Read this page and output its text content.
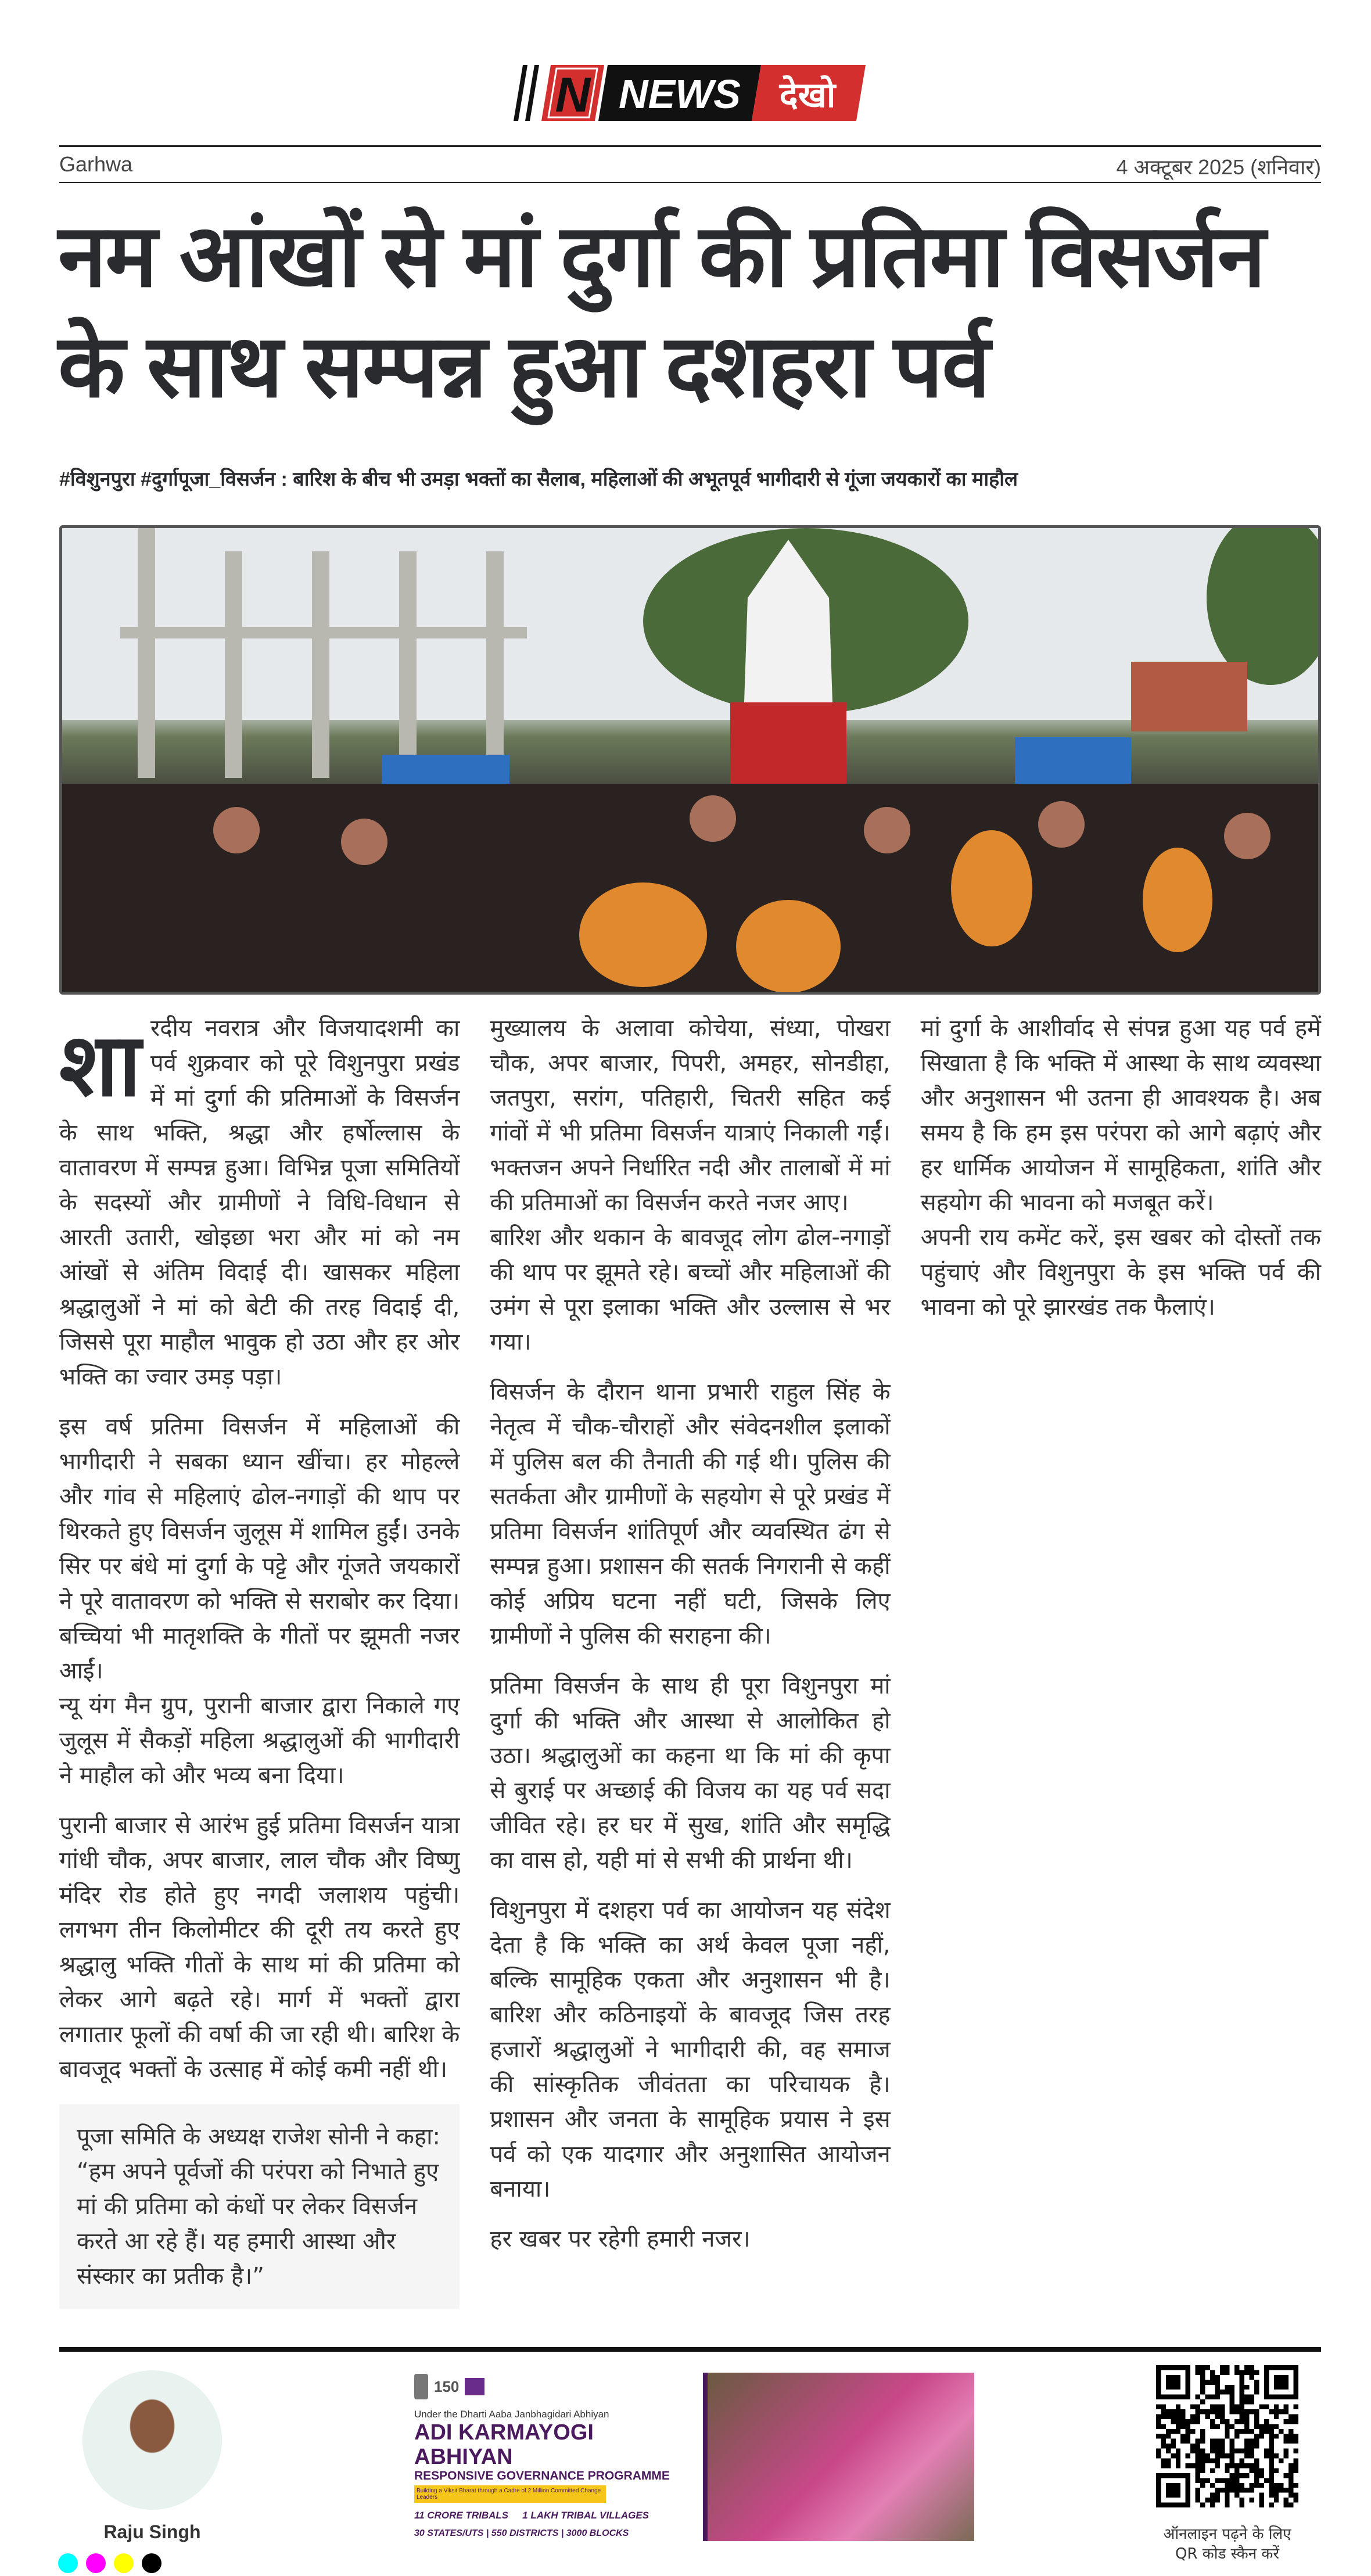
N NEWS देखो
Garhwa	4 अक्टूबर 2025 (शनिवार)
नम आंखों से मां दुर्गा की प्रतिमा विसर्जन के साथ सम्पन्न हुआ दशहरा पर्व
#विशुनपुरा #दुर्गापूजा_विसर्जन : बारिश के बीच भी उमड़ा भक्तों का सैलाब, महिलाओं की अभूतपूर्व भागीदारी से गूंजा जयकारों का माहौल

शारदीय नवरात्र और विजयादशमी का पर्व शुक्रवार को पूरे विशुनपुरा प्रखंड में मां दुर्गा की प्रतिमाओं के विसर्जन के साथ भक्ति, श्रद्धा और हर्षोल्लास के वातावरण में सम्पन्न हुआ। विभिन्न पूजा समितियों के सदस्यों और ग्रामीणों ने विधि-विधान से आरती उतारी, खोइछा भरा और मां को नम आंखों से अंतिम विदाई दी। खासकर महिला श्रद्धालुओं ने मां को बेटी की तरह विदाई दी, जिससे पूरा माहौल भावुक हो उठा और हर ओर भक्ति का ज्वार उमड़ पड़ा।

इस वर्ष प्रतिमा विसर्जन में महिलाओं की भागीदारी ने सबका ध्यान खींचा। हर मोहल्ले और गांव से महिलाएं ढोल-नगाड़ों की थाप पर थिरकते हुए विसर्जन जुलूस में शामिल हुईं। उनके सिर पर बंधे मां दुर्गा के पट्टे और गूंजते जयकारों ने पूरे वातावरण को भक्ति से सराबोर कर दिया। बच्चियां भी मातृशक्ति के गीतों पर झूमती नजर आईं।

न्यू यंग मैन ग्रुप, पुरानी बाजार द्वारा निकाले गए जुलूस में सैकड़ों महिला श्रद्धालुओं की भागीदारी ने माहौल को और भव्य बना दिया।

पुरानी बाजार से आरंभ हुई प्रतिमा विसर्जन यात्रा गांधी चौक, अपर बाजार, लाल चौक और विष्णु मंदिर रोड होते हुए नगदी जलाशय पहुंची। लगभग तीन किलोमीटर की दूरी तय करते हुए श्रद्धालु भक्ति गीतों के साथ मां की प्रतिमा को लेकर आगे बढ़ते रहे। मार्ग में भक्तों द्वारा लगातार फूलों की वर्षा की जा रही थी। बारिश के बावजूद भक्तों के उत्साह में कोई कमी नहीं थी।

पूजा समिति के अध्यक्ष राजेश सोनी ने कहा: “हम अपने पूर्वजों की परंपरा को निभाते हुए मां की प्रतिमा को कंधों पर लेकर विसर्जन करते आ रहे हैं। यह हमारी आस्था और संस्कार का प्रतीक है।”

मुख्यालय के अलावा कोचेया, संध्या, पोखरा चौक, अपर बाजार, पिपरी, अमहर, सोनडीहा, जतपुरा, सरांग, पतिहारी, चितरी सहित कई गांवों में भी प्रतिमा विसर्जन यात्राएं निकाली गईं। भक्तजन अपने निर्धारित नदी और तालाबों में मां की प्रतिमाओं का विसर्जन करते नजर आए।

बारिश और थकान के बावजूद लोग ढोल-नगाड़ों की थाप पर झूमते रहे। बच्चों और महिलाओं की उमंग से पूरा इलाका भक्ति और उल्लास से भर गया।

विसर्जन के दौरान थाना प्रभारी राहुल सिंह के नेतृत्व में चौक-चौराहों और संवेदनशील इलाकों में पुलिस बल की तैनाती की गई थी। पुलिस की सतर्कता और ग्रामीणों के सहयोग से पूरे प्रखंड में प्रतिमा विसर्जन शांतिपूर्ण और व्यवस्थित ढंग से सम्पन्न हुआ। प्रशासन की सतर्क निगरानी से कहीं कोई अप्रिय घटना नहीं घटी, जिसके लिए ग्रामीणों ने पुलिस की सराहना की।

प्रतिमा विसर्जन के साथ ही पूरा विशुनपुरा मां दुर्गा की भक्ति और आस्था से आलोकित हो उठा। श्रद्धालुओं का कहना था कि मां की कृपा से बुराई पर अच्छाई की विजय का यह पर्व सदा जीवित रहे। हर घर में सुख, शांति और समृद्धि का वास हो, यही मां से सभी की प्रार्थना थी।

विशुनपुरा में दशहरा पर्व का आयोजन यह संदेश देता है कि भक्ति का अर्थ केवल पूजा नहीं, बल्कि सामूहिक एकता और अनुशासन भी है। बारिश और कठिनाइयों के बावजूद जिस तरह हजारों श्रद्धालुओं ने भागीदारी की, वह समाज की सांस्कृतिक जीवंतता का परिचायक है। प्रशासन और जनता के सामूहिक प्रयास ने इस पर्व को एक यादगार और अनुशासित आयोजन बनाया।

हर खबर पर रहेगी हमारी नजर।

मां दुर्गा के आशीर्वाद से संपन्न हुआ यह पर्व हमें सिखाता है कि भक्ति में आस्था के साथ व्यवस्था और अनुशासन भी उतना ही आवश्यक है। अब समय है कि हम इस परंपरा को आगे बढ़ाएं और हर धार्मिक आयोजन में सामूहिकता, शांति और सहयोग की भावना को मजबूत करें।

अपनी राय कमेंट करें, इस खबर को दोस्तों तक पहुंचाएं और विशुनपुरा के इस भक्ति पर्व की भावना को पूरे झारखंड तक फैलाएं।

Raju Singh
150
Under the Dharti Aaba Janbhagidari Abhiyan
ADI KARMAYOGI ABHIYAN
RESPONSIVE GOVERNANCE PROGRAMME
Building a Viksit Bharat through a Cadre of 2 Million Committed Change Leaders
11 CRORE TRIBALS 1 LAKH TRIBAL VILLAGES
30 STATES/UTS | 550 DISTRICTS | 3000 BLOCKS	ऑनलाइन पढ़ने के लिए
QR कोड स्कैन करें
